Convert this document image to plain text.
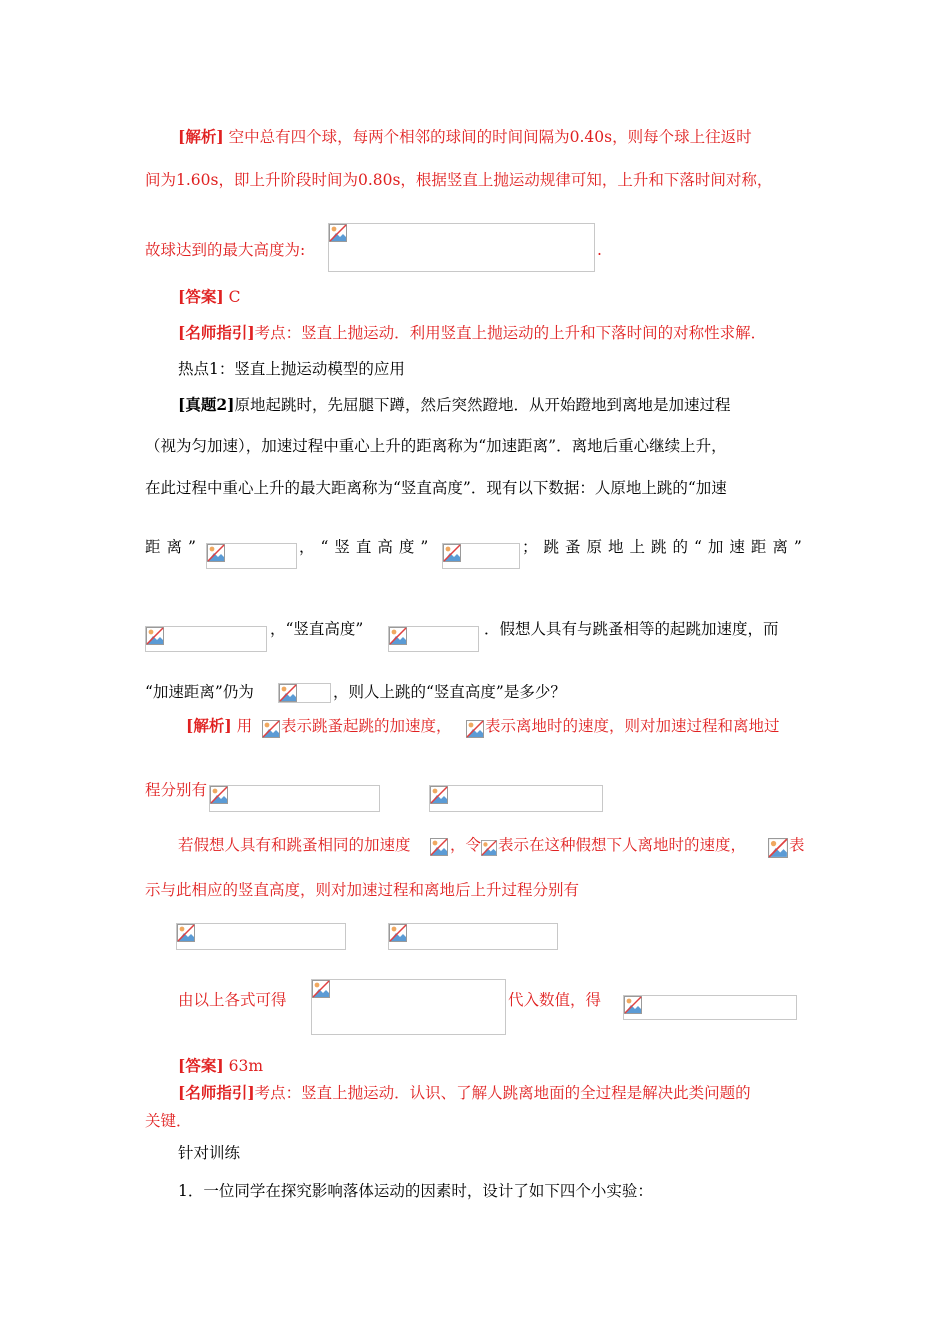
[解析] 空中总有四个球，每两个相邻的球间的时间间隔为0.40s，则每个球上往返时
间为1.60s，即上升阶段时间为0.80s，根据竖直上抛运动规律可知，上升和下落时间对称，
故球达到的最大高度为:	.
[答案] C
[名师指引]考点：竖直上抛运动．利用竖直上抛运动的上升和下落时间的对称性求解．
热点1：竖直上抛运动模型的应用
[真题2]原地起跳时，先屈腿下蹲，然后突然蹬地．从开始蹬地到离地是加速过程
（视为匀加速），加速过程中重心上升的距离称为“加速距离”．离地后重心继续上升，
在此过程中重心上升的最大距离称为“竖直高度”．现有以下数据：人原地上跳的“加速
距离”	，“竖直高度”	；跳蚤原地上跳的“加速距离”
，“竖直高度”	．假想人具有与跳蚤相等的起跳加速度，而
“加速距离”仍为	，则人上跳的“竖直高度”是多少？
[解析] 用 表示跳蚤起跳的加速度， 表示离地时的速度，则对加速过程和离地过
程分别有
若假想人具有和跳蚤相同的加速度	，令 表示在这种假想下人离地时的速度，	表
示与此相应的竖直高度，则对加速过程和离地后上升过程分别有
由以上各式可得	代入数值，得
[答案] 63m
[名师指引]考点：竖直上抛运动．认识、了解人跳离地面的全过程是解决此类问题的
关键．
针对训练
1．一位同学在探究影响落体运动的因素时，设计了如下四个小实验：
